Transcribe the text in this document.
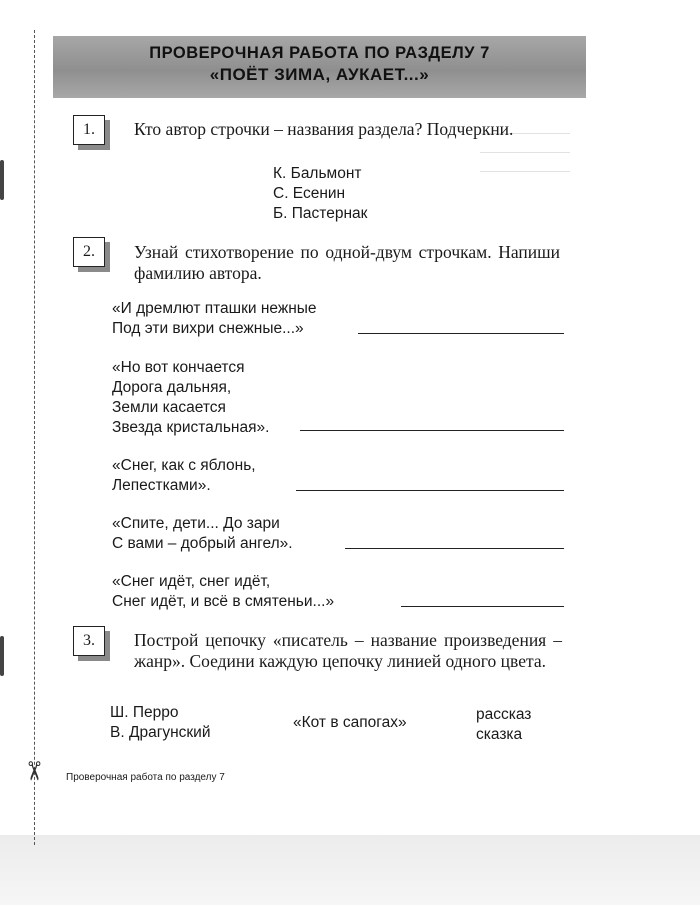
✂
ПРОВЕРОЧНАЯ РАБОТА ПО РАЗДЕЛУ 7
«ПОЁТ ЗИМА, АУКАЕТ...»
1.	Кто автор строчки – названия раздела? Подчеркни.
К. Бальмонт
С. Есенин
Б. Пастернак
2.	Узнай стихотворение по одной-двум строчкам. Напиши фамилию автора.
«И дремлют пташки нежные
Под эти вихри снежные...»
«Но вот кончается
Дорога дальняя,
Земли касается
Звезда кристальная».
«Снег, как с яблонь,
Лепестками».
«Спите, дети... До зари
С вами – добрый ангел».
«Снег идёт, снег идёт,
Снег идёт, и всё в смятеньи...»
3.	Построй цепочку «писатель – название произведения – жанр». Соедини каждую цепочку линией одного цвета.
Ш. Перро
В. Драгунский
«Кот в сапогах»	рассказ
сказка
Проверочная работа по разделу 7
